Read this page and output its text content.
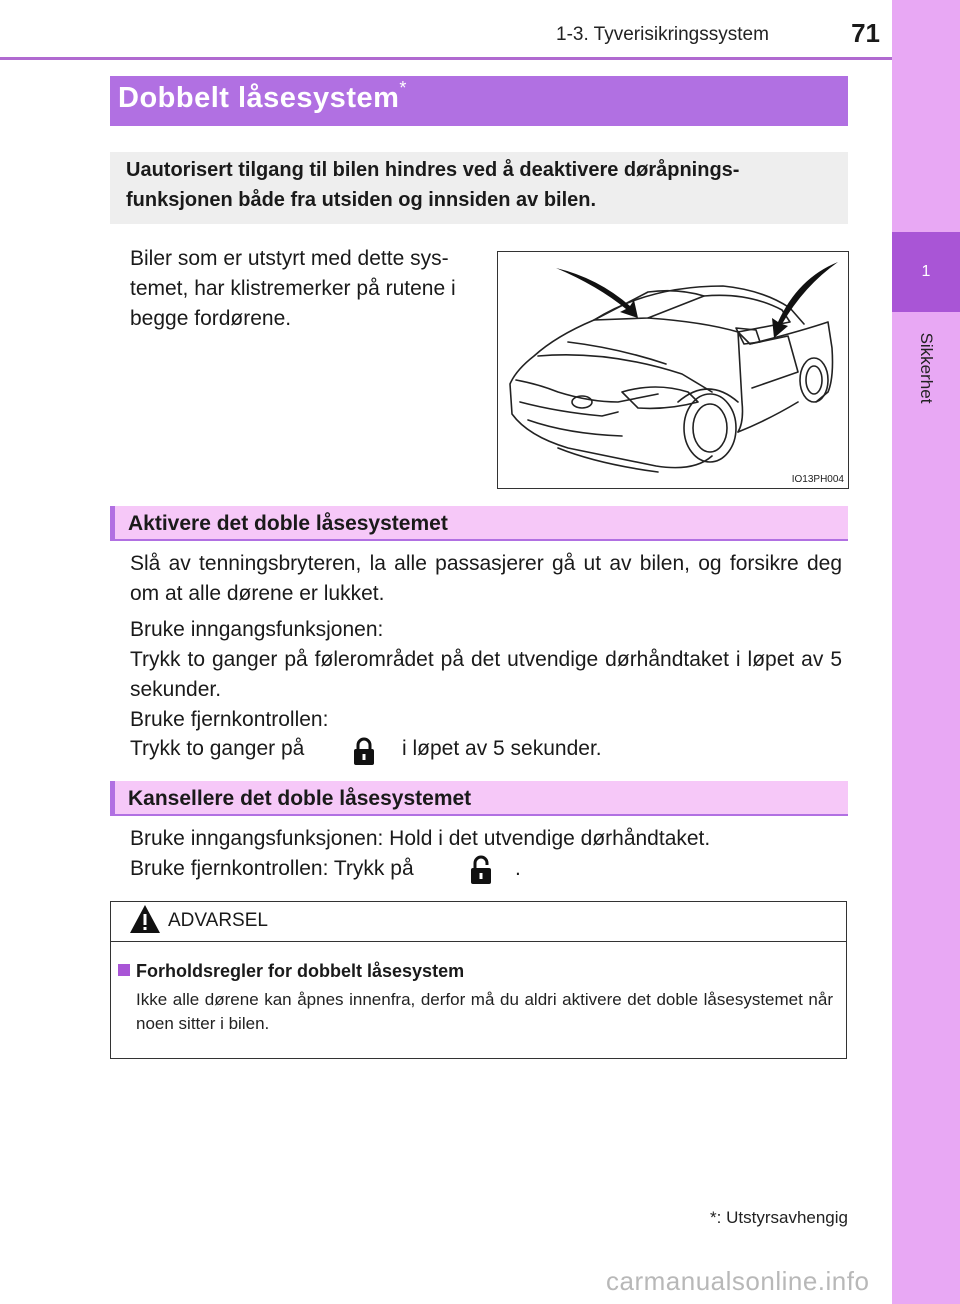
1-3. Tyverisikringssystem	71
1
Sikkerhet
Dobbelt låsesystem*
Uautorisert tilgang til bilen hindres ved å deaktivere døråpnings-funksjonen både fra utsiden og innsiden av bilen.
Biler som er utstyrt med dette sys-temet, har klistremerker på rutene i begge fordørene.
IO13PH004
Aktivere det doble låsesystemet
Slå av tenningsbryteren, la alle passasjerer gå ut av bilen, og forsikre deg om at alle dørene er lukket.
Bruke inngangsfunksjonen:
Trykk to ganger på følerområdet på det utvendige dørhåndtaket i løpet av 5 sekunder.
Bruke fjernkontrollen:
Trykk to ganger på	i løpet av 5 sekunder.
Kansellere det doble låsesystemet
Bruke inngangsfunksjonen: Hold i det utvendige dørhåndtaket.
Bruke fjernkontrollen: Trykk på	.
ADVARSEL
Forholdsregler for dobbelt låsesystem
Ikke alle dørene kan åpnes innenfra, derfor må du aldri aktivere det doble låsesystemet når noen sitter i bilen.
*: Utstyrsavhengig
carmanualsonline.info
